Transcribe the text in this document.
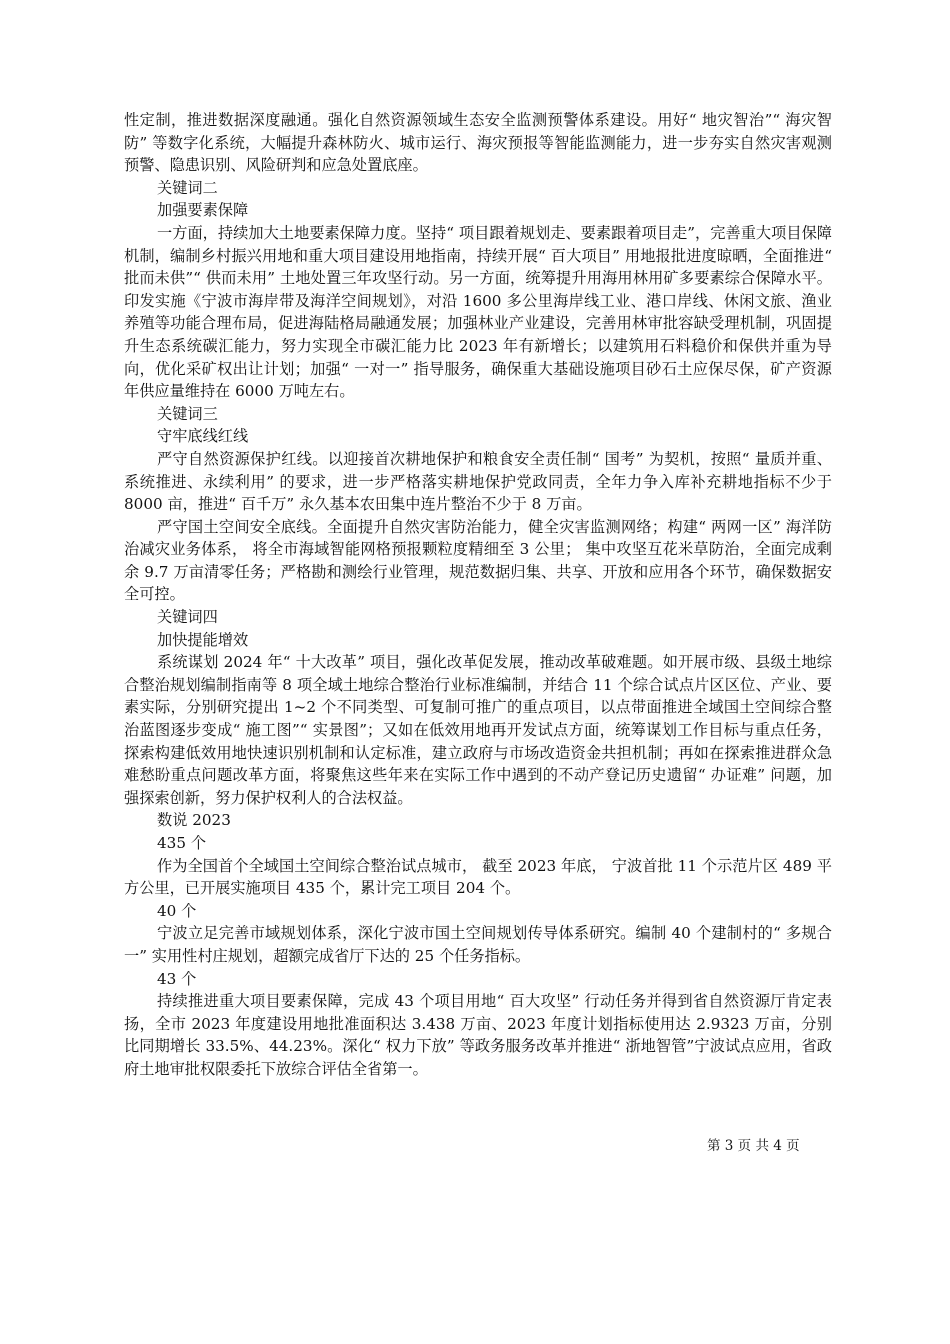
性定制，推进数据深度融通。强化自然资源领域生态安全监测预警体系建设。用好“ 地灾智治”“ 海灾智防” 等数字化系统，大幅提升森林防火、城市运行、海灾预报等智能监测能力，进一步夯实自然灾害观测预警、隐患识别、风险研判和应急处置底座。

关键词二

加强要素保障

一方面，持续加大土地要素保障力度。坚持“ 项目跟着规划走、要素跟着项目走”，完善重大项目保障机制，编制乡村振兴用地和重大项目建设用地指南，持续开展“ 百大项目” 用地报批进度晾晒，全面推进“ 批而未供”“ 供而未用” 土地处置三年攻坚行动。另一方面，统筹提升用海用林用矿多要素综合保障水平。印发实施《宁波市海岸带及海洋空间规划》，对沿 1600 多公里海岸线工业、港口岸线、休闲文旅、渔业养殖等功能合理布局，促进海陆格局融通发展；加强林业产业建设，完善用林审批容缺受理机制，巩固提升生态系统碳汇能力，努力实现全市碳汇能力比 2023 年有新增长；以建筑用石料稳价和保供并重为导向，优化采矿权出让计划；加强“ 一对一” 指导服务，确保重大基础设施项目砂石土应保尽保，矿产资源年供应量维持在 6000 万吨左右。

关键词三

守牢底线红线

严守自然资源保护红线。以迎接首次耕地保护和粮食安全责任制“ 国考” 为契机，按照“ 量质并重、系统推进、永续利用” 的要求，进一步严格落实耕地保护党政同责，全年力争入库补充耕地指标不少于 8000 亩，推进“ 百千万” 永久基本农田集中连片整治不少于 8 万亩。

严守国土空间安全底线。全面提升自然灾害防治能力，健全灾害监测网络；构建“ 两网一区” 海洋防治减灾业务体系， 将全市海域智能网格预报颗粒度精细至 3 公里； 集中攻坚互花米草防治，全面完成剩余 9.7 万亩清零任务；严格勘和测绘行业管理，规范数据归集、共享、开放和应用各个环节，确保数据安全可控。

关键词四

加快提能增效

系统谋划 2024 年“ 十大改革” 项目，强化改革促发展，推动改革破难题。如开展市级、县级土地综合整治规划编制指南等 8 项全域土地综合整治行业标准编制，并结合 11 个综合试点片区区位、产业、要素实际，分别研究提出 1~2 个不同类型、可复制可推广的重点项目，以点带面推进全域国土空间综合整治蓝图逐步变成“ 施工图”“ 实景图”；又如在低效用地再开发试点方面，统筹谋划工作目标与重点任务，探索构建低效用地快速识别机制和认定标准，建立政府与市场改造资金共担机制；再如在探索推进群众急难愁盼重点问题改革方面，将聚焦这些年来在实际工作中遇到的不动产登记历史遗留“ 办证难” 问题，加强探索创新，努力保护权利人的合法权益。

数说 2023

435 个

作为全国首个全域国土空间综合整治试点城市， 截至 2023 年底， 宁波首批 11 个示范片区 489 平方公里，已开展实施项目 435 个，累计完工项目 204 个。

40 个

宁波立足完善市域规划体系，深化宁波市国土空间规划传导体系研究。编制 40 个建制村的“ 多规合一” 实用性村庄规划，超额完成省厅下达的 25 个任务指标。

43 个

持续推进重大项目要素保障，完成 43 个项目用地“ 百大攻坚” 行动任务并得到省自然资源厅肯定表扬，全市 2023 年度建设用地批准面积达 3.438 万亩、2023 年度计划指标使用达 2.9323 万亩，分别比同期增长 33.5%、44.23%。深化“ 权力下放” 等政务服务改革并推进“ 浙地智管”宁波试点应用，省政府土地审批权限委托下放综合评估全省第一。

第 3 页 共 4 页
